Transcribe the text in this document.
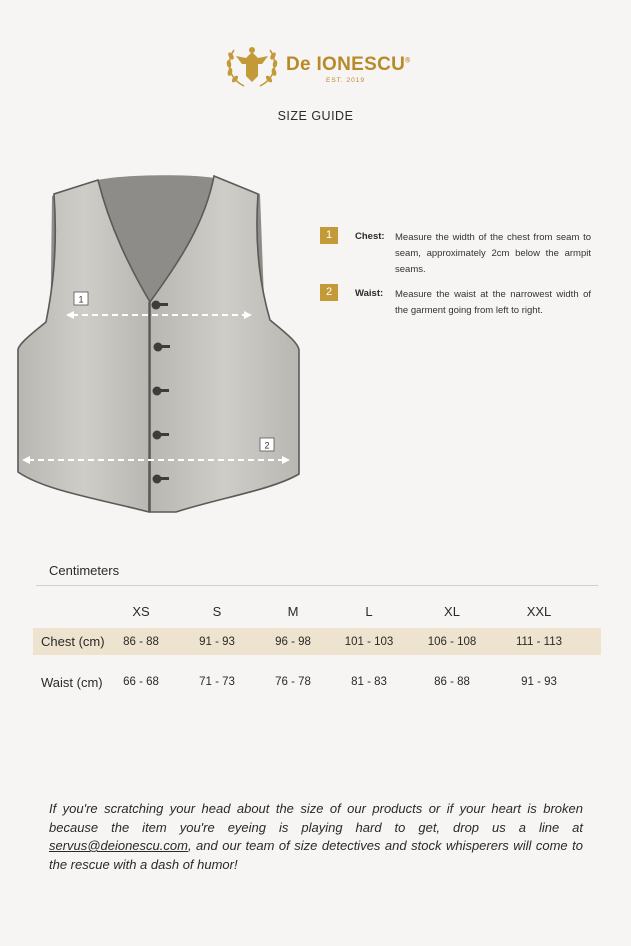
De IONESCU®
EST. 2019
SIZE GUIDE
1
2
1	Chest: Measure the width of the chest from seam to seam, approximately 2cm below the armpit seams.
2	Waist: Measure the waist at the narrowest width of the garment going from left to right.
Centimeters
XS	S	M	L	XL	XXL
Chest (cm)	86 - 88	91 - 93	96 - 98	101 - 103	106 - 108	111 - 113
Waist (cm)	66 - 68	71 - 73	76 - 78	81 - 83	86 - 88	91 - 93
If you're scratching your head about the size of our products or if your heart is broken because the item you're eyeing is playing hard to get, drop us a line at servus@deionescu.com, and our team of size detectives and stock whisperers will come to the rescue with a dash of humor!
